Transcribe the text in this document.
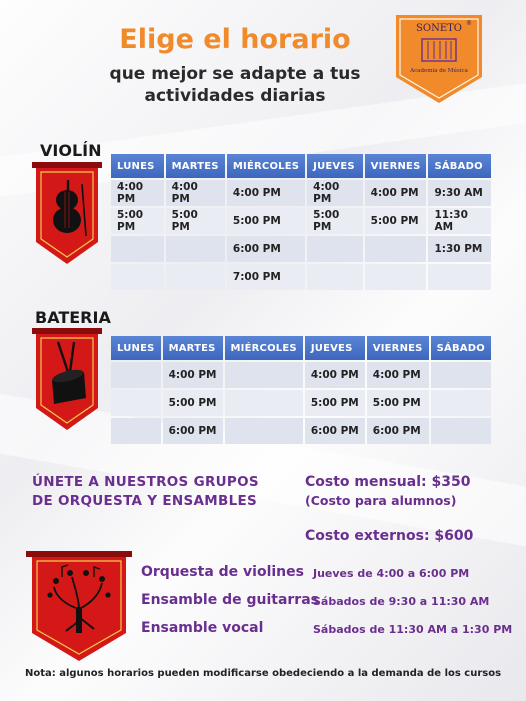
Elige el horario
que mejor se adapte a tus
actividades diarias
SONETO ®
Academia de Música
VIOLÍN
LUNES	MARTES	MIÉRCOLES	JUEVES	VIERNES	SÁBADO
4:00 PM	4:00 PM	4:00 PM	4:00 PM	4:00 PM	9:30 AM
5:00 PM	5:00 PM	5:00 PM	5:00 PM	5:00 PM	11:30 AM
		6:00 PM			1:30 PM
		7:00 PM			
BATERIA
LUNES	MARTES	MIÉRCOLES	JUEVES	VIERNES	SÁBADO
	4:00 PM		4:00 PM	4:00 PM	
	5:00 PM		5:00 PM	5:00 PM	
	6:00 PM		6:00 PM	6:00 PM	
ÚNETE A NUESTROS GRUPOS
DE ORQUESTA Y ENSAMBLES
Costo mensual: $350
(Costo para alumnos)
Costo externos: $600
Orquesta de violines Jueves de 4:00 a 6:00 PM
Ensamble de guitarras
Sábados de 9:30 a 11:30 AM
Ensamble vocal	Sábados de 11:30 AM a 1:30 PM
Nota: algunos horarios pueden modificarse obedeciendo a la demanda de los cursos
